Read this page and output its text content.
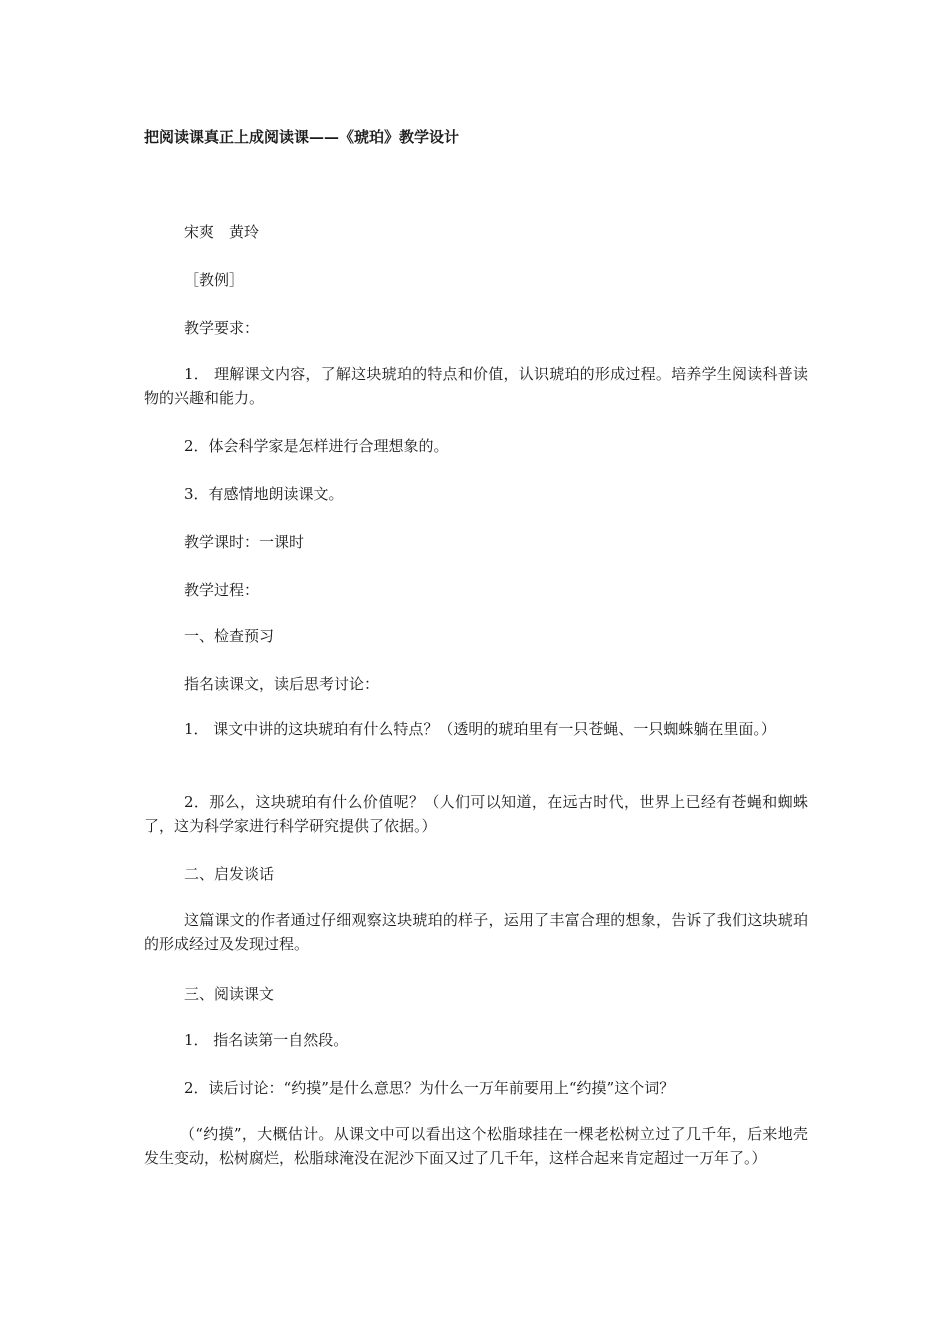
把阅读课真正上成阅读课——《琥珀》教学设计

宋爽　黄玲

［教例］

教学要求：

1． 理解课文内容，了解这块琥珀的特点和价值，认识琥珀的形成过程。培养学生阅读科普读物的兴趣和能力。

2．体会科学家是怎样进行合理想象的。

3．有感情地朗读课文。

教学课时：一课时

教学过程：

一、检查预习

指名读课文，读后思考讨论：

1． 课文中讲的这块琥珀有什么特点？（透明的琥珀里有一只苍蝇、一只蜘蛛躺在里面。）

2．那么，这块琥珀有什么价值呢？（人们可以知道，在远古时代，世界上已经有苍蝇和蜘蛛了，这为科学家进行科学研究提供了依据。）

二、启发谈话

这篇课文的作者通过仔细观察这块琥珀的样子，运用了丰富合理的想象，告诉了我们这块琥珀的形成经过及发现过程。

三、阅读课文

1． 指名读第一自然段。

2．读后讨论：“约摸”是什么意思？为什么一万年前要用上“约摸”这个词？

（“约摸”，大概估计。从课文中可以看出这个松脂球挂在一棵老松树立过了几千年，后来地壳发生变动，松树腐烂，松脂球淹没在泥沙下面又过了几千年，这样合起来肯定超过一万年了。）
